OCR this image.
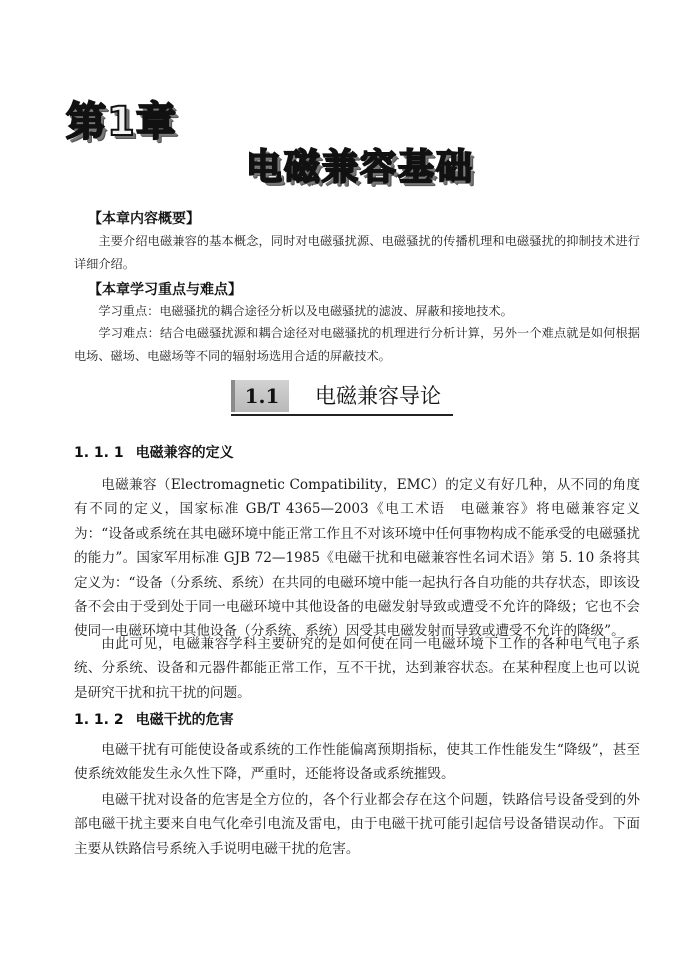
第1章
电磁兼容基础
【本章内容概要】

主要介绍电磁兼容的基本概念，同时对电磁骚扰源、电磁骚扰的传播机理和电磁骚扰的抑制技术进行详细介绍。

【本章学习重点与难点】

学习重点：电磁骚扰的耦合途径分析以及电磁骚扰的滤波、屏蔽和接地技术。

学习难点：结合电磁骚扰源和耦合途径对电磁骚扰的机理进行分析计算，另外一个难点就是如何根据电场、磁场、电磁场等不同的辐射场选用合适的屏蔽技术。

1.1	电磁兼容导论
1. 1. 1 电磁兼容的定义

电磁兼容（Electromagnetic Compatibility，EMC）的定义有好几种，从不同的角度有不同的定义，国家标准 GB/T 4365—2003《电工术语　电磁兼容》将电磁兼容定义为：“设备或系统在其电磁环境中能正常工作且不对该环境中任何事物构成不能承受的电磁骚扰的能力”。国家军用标准 GJB 72—1985《电磁干扰和电磁兼容性名词术语》第 5. 10 条将其定义为：“设备（分系统、系统）在共同的电磁环境中能一起执行各自功能的共存状态，即该设备不会由于受到处于同一电磁环境中其他设备的电磁发射导致或遭受不允许的降级；它也不会使同一电磁环境中其他设备（分系统、系统）因受其电磁发射而导致或遭受不允许的降级”。

由此可见，电磁兼容学科主要研究的是如何使在同一电磁环境下工作的各种电气电子系统、分系统、设备和元器件都能正常工作，互不干扰，达到兼容状态。在某种程度上也可以说是研究干扰和抗干扰的问题。

1. 1. 2 电磁干扰的危害

电磁干扰有可能使设备或系统的工作性能偏离预期指标，使其工作性能发生“降级”，甚至使系统效能发生永久性下降，严重时，还能将设备或系统摧毁。

电磁干扰对设备的危害是全方位的，各个行业都会存在这个问题，铁路信号设备受到的外部电磁干扰主要来自电气化牵引电流及雷电，由于电磁干扰可能引起信号设备错误动作。下面主要从铁路信号系统入手说明电磁干扰的危害。
